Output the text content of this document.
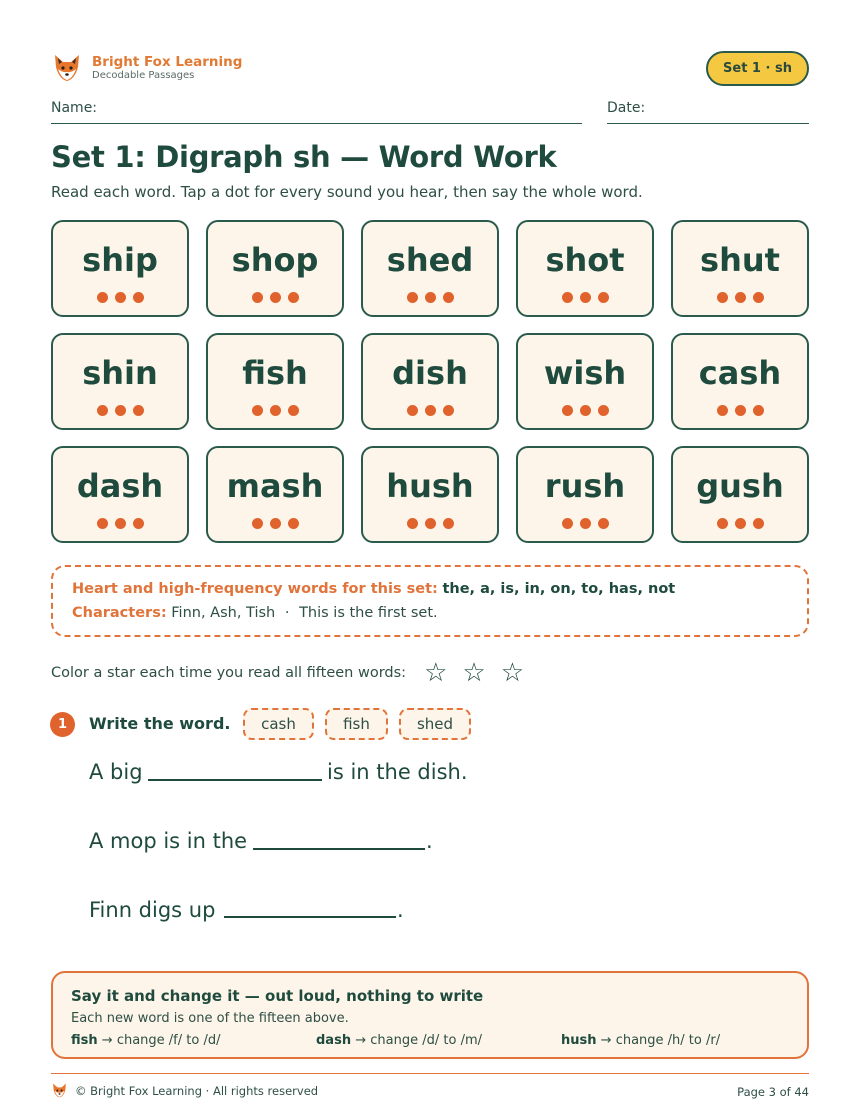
Bright Fox Learning
Decodable Passages	Set 1 · sh
Name:	Date:
Set 1: Digraph sh — Word Work
Read each word. Tap a dot for every sound you hear, then say the whole word.
ship	shop	shed	shot	shut
shin	fish	dish	wish	cash
dash	mash	hush	rush	gush
Heart and high-frequency words for this set: the, a, is, in, on, to, has, not
Characters: Finn, Ash, Tish · This is the first set.
Color a star each time you read all fifteen words: ☆ ☆ ☆
1	Write the word.	cash	fish	shed
A big	is in the dish.
A mop is in the	.
Finn digs up	.
Say it and change it — out loud, nothing to write
Each new word is one of the fifteen above.
fish → change /f/ to /d/	dash → change /d/ to /m/	hush → change /h/ to /r/
© Bright Fox Learning · All rights reserved	Page 3 of 44
